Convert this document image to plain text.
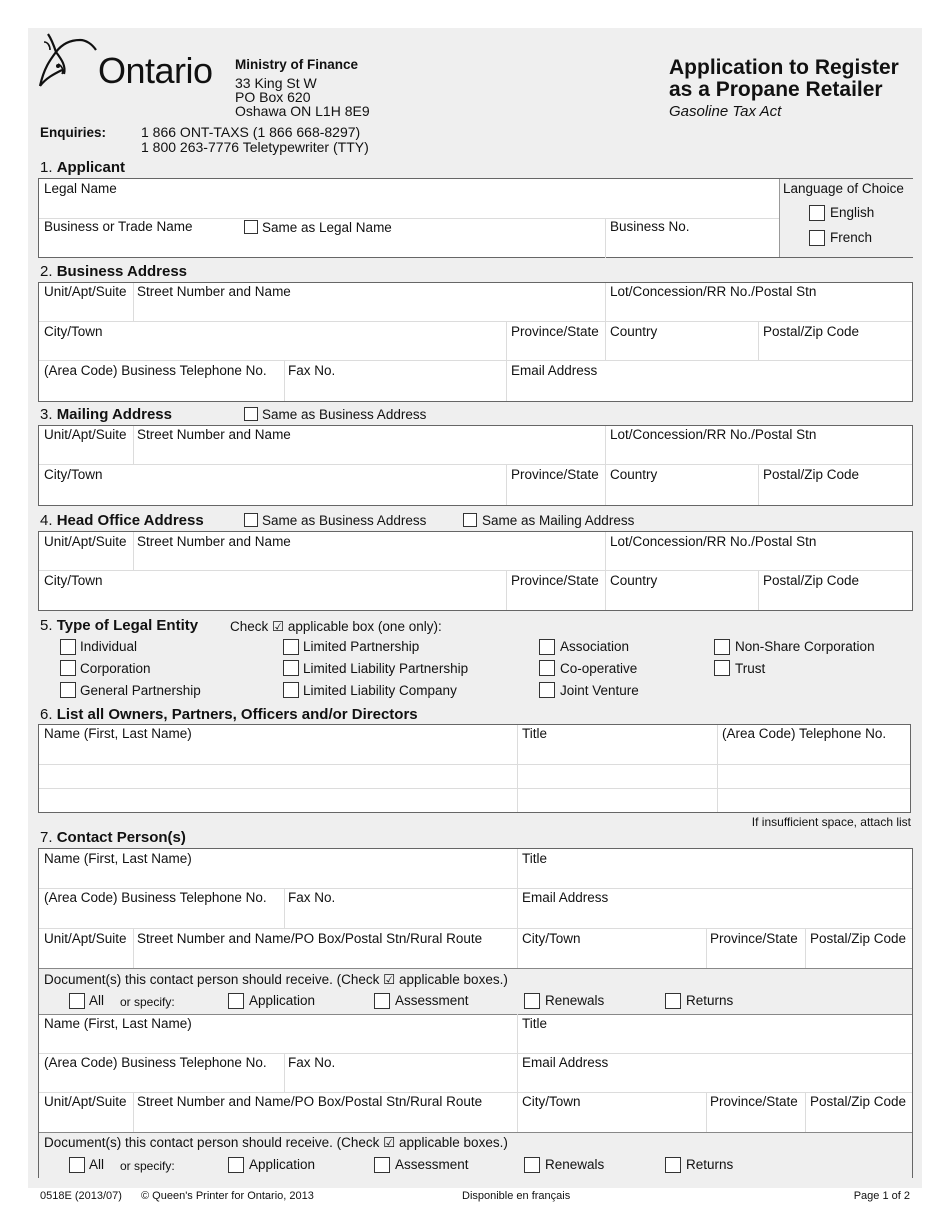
Ontario Ministry of Finance
33 King St W
PO Box 620
Oshawa ON L1H 8E9
Enquiries: 1 866 ONT-TAXS (1 866 668-8297)
1 800 263-7776 Teletypewriter (TTY)
Application to Register
as a Propane Retailer
Gasoline Tax Act
1. Applicant
Legal Name
Business or Trade Name	Same as Legal Name	Business No.
Language of Choice
English
French
2. Business Address
Unit/Apt/Suite Street Number and Name	Lot/Concession/RR No./Postal Stn
City/Town	Province/State Country	Postal/Zip Code
(Area Code) Business Telephone No. Fax No.	Email Address
3. Mailing Address	Same as Business Address
Unit/Apt/Suite Street Number and Name	Lot/Concession/RR No./Postal Stn
City/Town	Province/State Country	Postal/Zip Code
4. Head Office Address	Same as Business Address	Same as Mailing Address
Unit/Apt/Suite Street Number and Name	Lot/Concession/RR No./Postal Stn
City/Town	Province/State Country	Postal/Zip Code
5. Type of Legal Entity Check ☑ applicable box (one only):
Individual
Corporation
General Partnership
Limited Partnership
Limited Liability Partnership
Limited Liability Company
Association
Co-operative
Joint Venture
Non-Share Corporation
Trust
6. List all Owners, Partners, Officers and/or Directors
Name (First, Last Name)	Title	(Area Code) Telephone No.
If insufficient space, attach list
7. Contact Person(s)
Name (First, Last Name)	Title
(Area Code) Business Telephone No. Fax No.	Email Address
Unit/Apt/Suite Street Number and Name/PO Box/Postal Stn/Rural Route	City/Town	Province/State Postal/Zip Code
Document(s) this contact person should receive. (Check ☑ applicable boxes.)
All or specify:	Application	Assessment	Renewals	Returns
Name (First, Last Name)	Title
(Area Code) Business Telephone No. Fax No.	Email Address
Unit/Apt/Suite Street Number and Name/PO Box/Postal Stn/Rural Route	City/Town	Province/State Postal/Zip Code
Document(s) this contact person should receive. (Check ☑ applicable boxes.)
All or specify:	Application	Assessment	Renewals	Returns
0518E (2013/07) © Queen's Printer for Ontario, 2013	Disponible en français	Page 1 of 2
